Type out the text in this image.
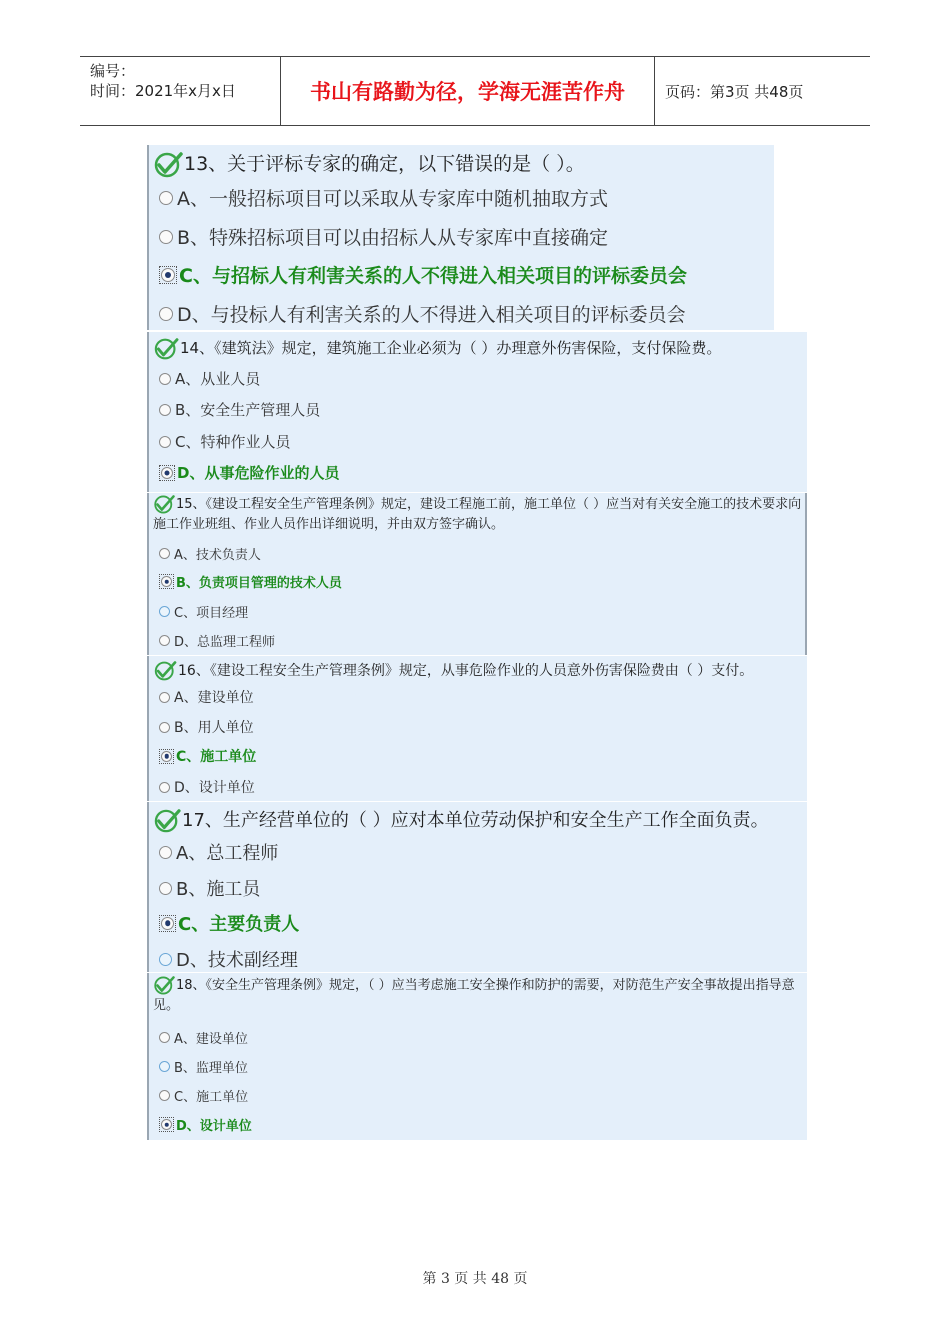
编号：
时间：2021年x月x日	书山有路勤为径，学海无涯苦作舟	页码：第3页 共48页
13、关于评标专家的确定，以下错误的是（ ）。
A、一般招标项目可以采取从专家库中随机抽取方式
B、特殊招标项目可以由招标人从专家库中直接确定
C、与招标人有利害关系的人不得进入相关项目的评标委员会
D、与投标人有利害关系的人不得进入相关项目的评标委员会
14、《建筑法》规定，建筑施工企业必须为（ ）办理意外伤害保险，支付保险费。
A、从业人员
B、安全生产管理人员
C、特种作业人员
D、从事危险作业的人员
15、《建设工程安全生产管理条例》规定，建设工程施工前，施工单位（ ）应当对有关安全施工的技术要求向施工作业班组、作业人员作出详细说明，并由双方签字确认。
A、技术负责人
B、负责项目管理的技术人员
C、项目经理
D、总监理工程师
16、《建设工程安全生产管理条例》规定，从事危险作业的人员意外伤害保险费由（ ）支付。
A、建设单位
B、用人单位
C、施工单位
D、设计单位
17、生产经营单位的（ ）应对本单位劳动保护和安全生产工作全面负责。
A、总工程师
B、施工员
C、主要负责人
D、技术副经理
18、《安全生产管理条例》规定，（ ）应当考虑施工安全操作和防护的需要，对防范生产安全事故提出指导意见。
A、建设单位
B、监理单位
C、施工单位
D、设计单位
第 3 页 共 48 页
